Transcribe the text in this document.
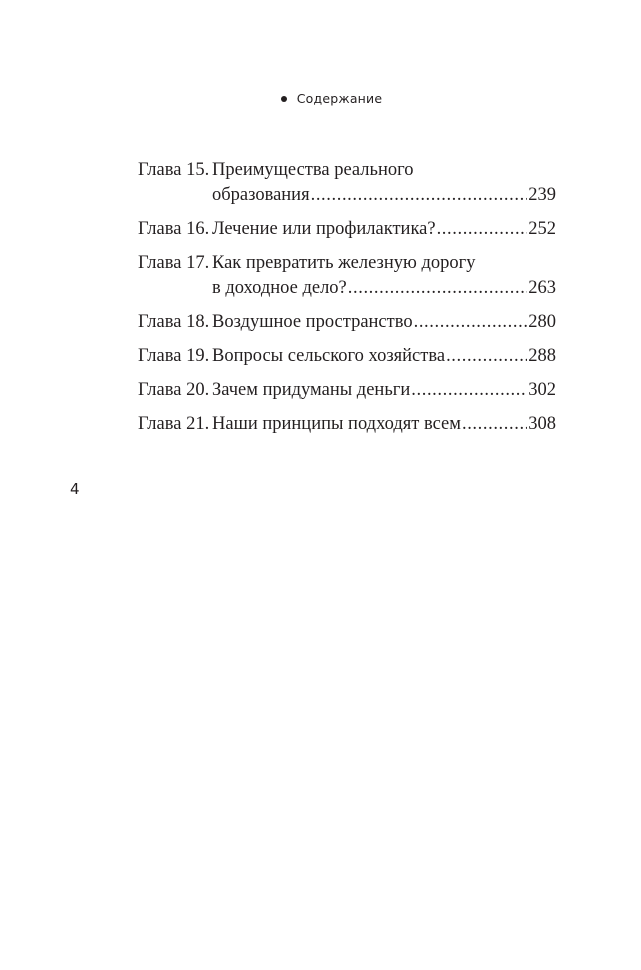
Содержание
Глава 15. Преимущества реального
образования .....	239
Глава 16. Лечение или профилактика? .....	252
Глава 17. Как превратить железную дорогу
в доходное дело? .....	263
Глава 18. Воздушное пространство .....	280
Глава 19. Вопросы сельского хозяйства .....	288
Глава 20. Зачем придуманы деньги .....	302
Глава 21. Наши принципы подходят всем .....	308
4
